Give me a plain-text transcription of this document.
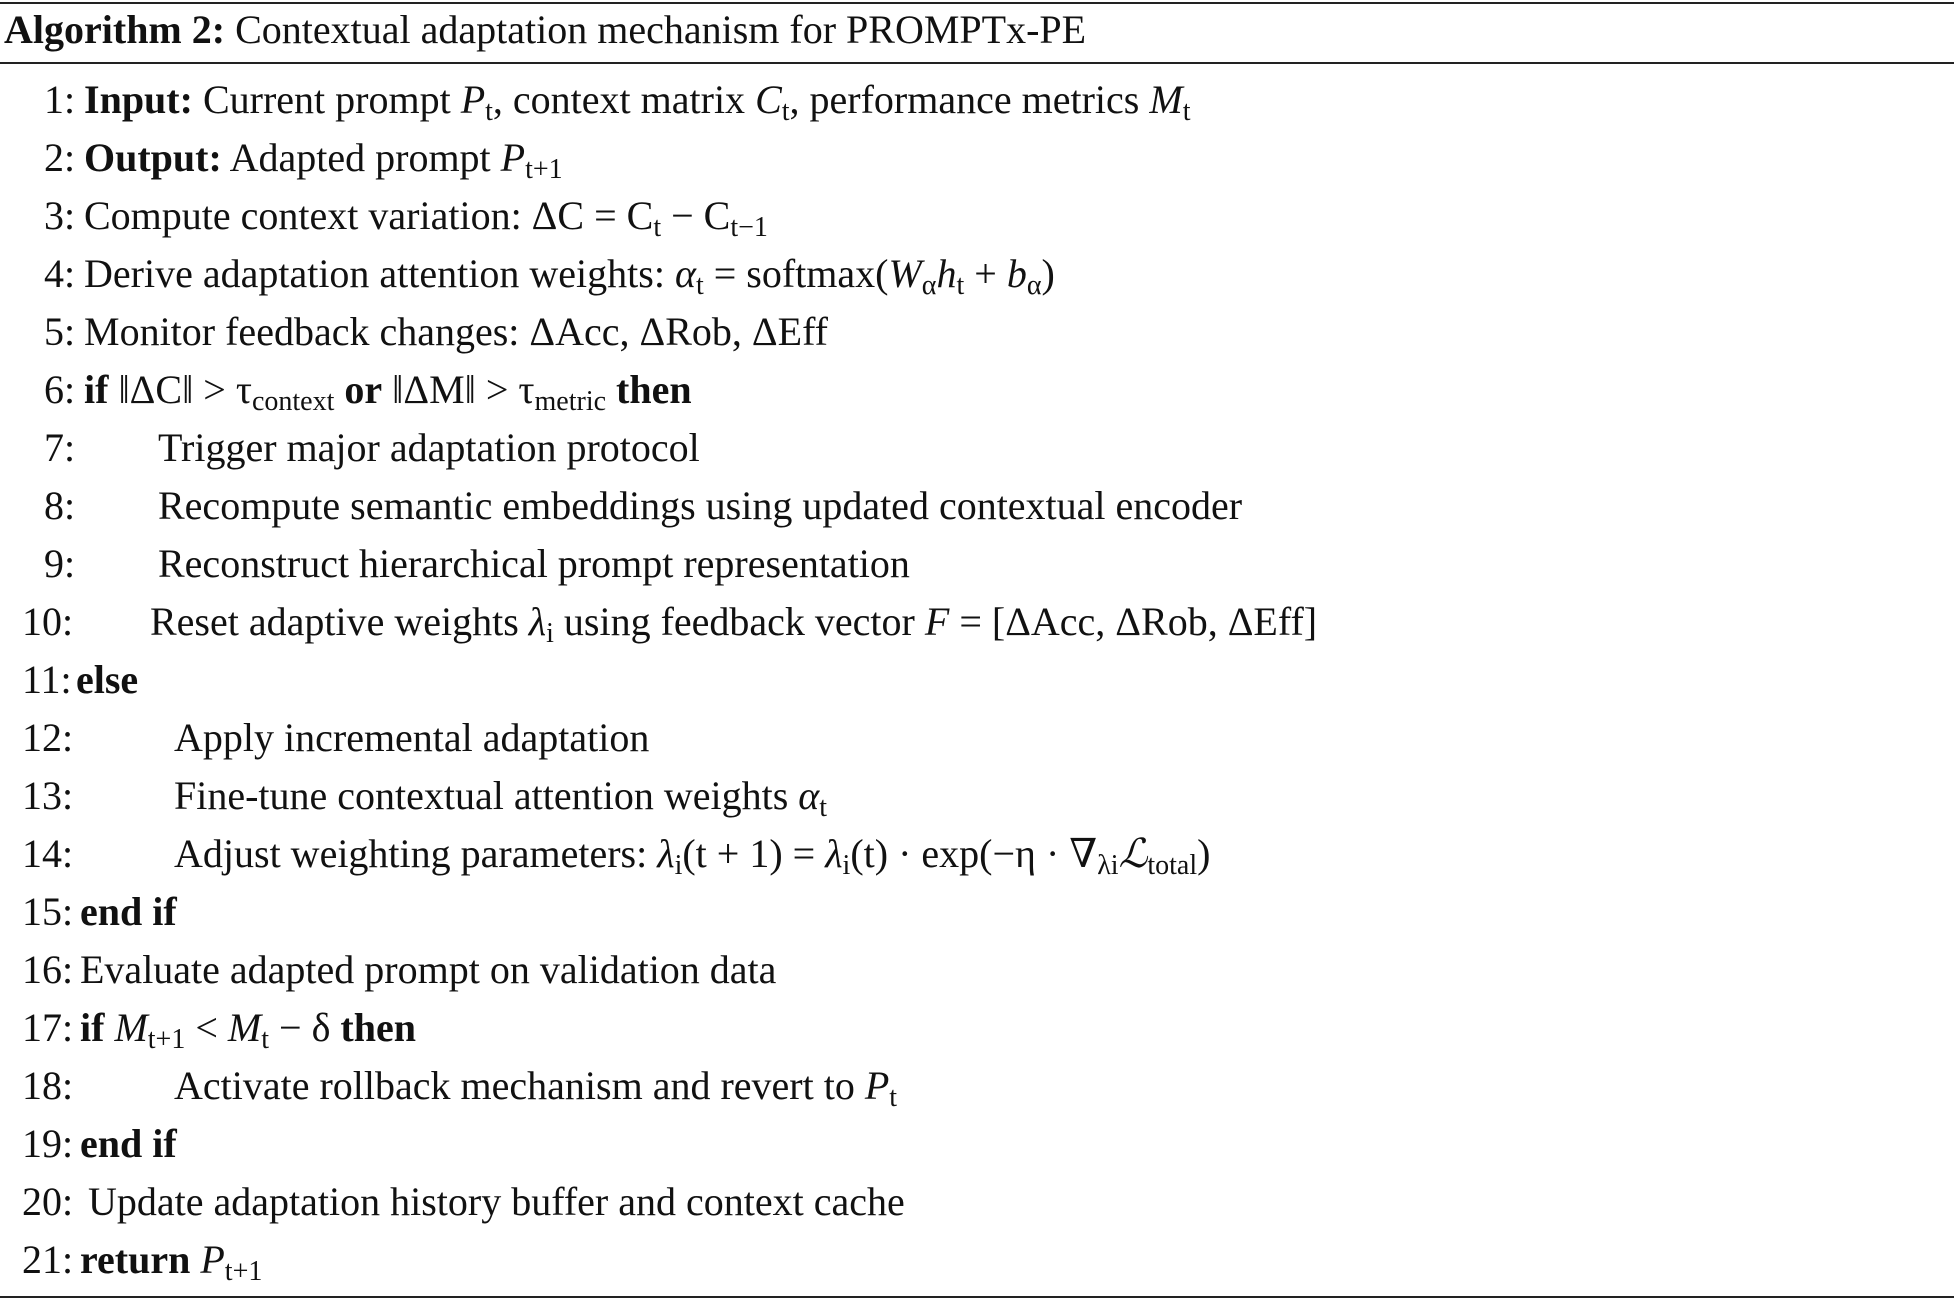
Algorithm 2: Contextual adaptation mechanism for PROMPTx-PE
1: Input: Current prompt $P_t$, context matrix $C_t$, performance metrics $M_t$
2: Output: Adapted prompt $P_{t+1}$
3: Compute context variation: $\Delta C = C_t - C_{t-1}$
4: Derive adaptation attention weights: $\alpha_t$ = $softmax(W_\alpha h_t + b_\alpha)$
5: Monitor feedback changes: ΔAcc, ΔRob, ΔEff
6: if ‖ΔC‖ > $\tau_{context}$ or ‖ΔM‖ > $\tau_{metric}$ then
7: Trigger major adaptation protocol
8: Recompute semantic embeddings using updated contextual encoder
9: Reconstruct hierarchical prompt representation
10: Reset adaptive weights $\lambda_i$ using feedback vector F = [ΔAcc, ΔRob, ΔEff]
11: else
12:	Apply incremental adaptation
13:	Fine-tune contextual attention weights $\alpha_t$
14:	Adjust weighting parameters: $\lambda_i(t + 1) = \lambda_i(t) \cdot \exp(-\eta$ · $\nabla_{\lambda i}ℒ_{total}$)
15: end if
16: Evaluate adapted prompt on validation data
17: if $M_{t+1} < M_t - \delta$ then
18:	Activate rollback mechanism and revert to $P_t$
19: end if
20: Update adaptation history buffer and context cache
21: return $P_{t+1}$
